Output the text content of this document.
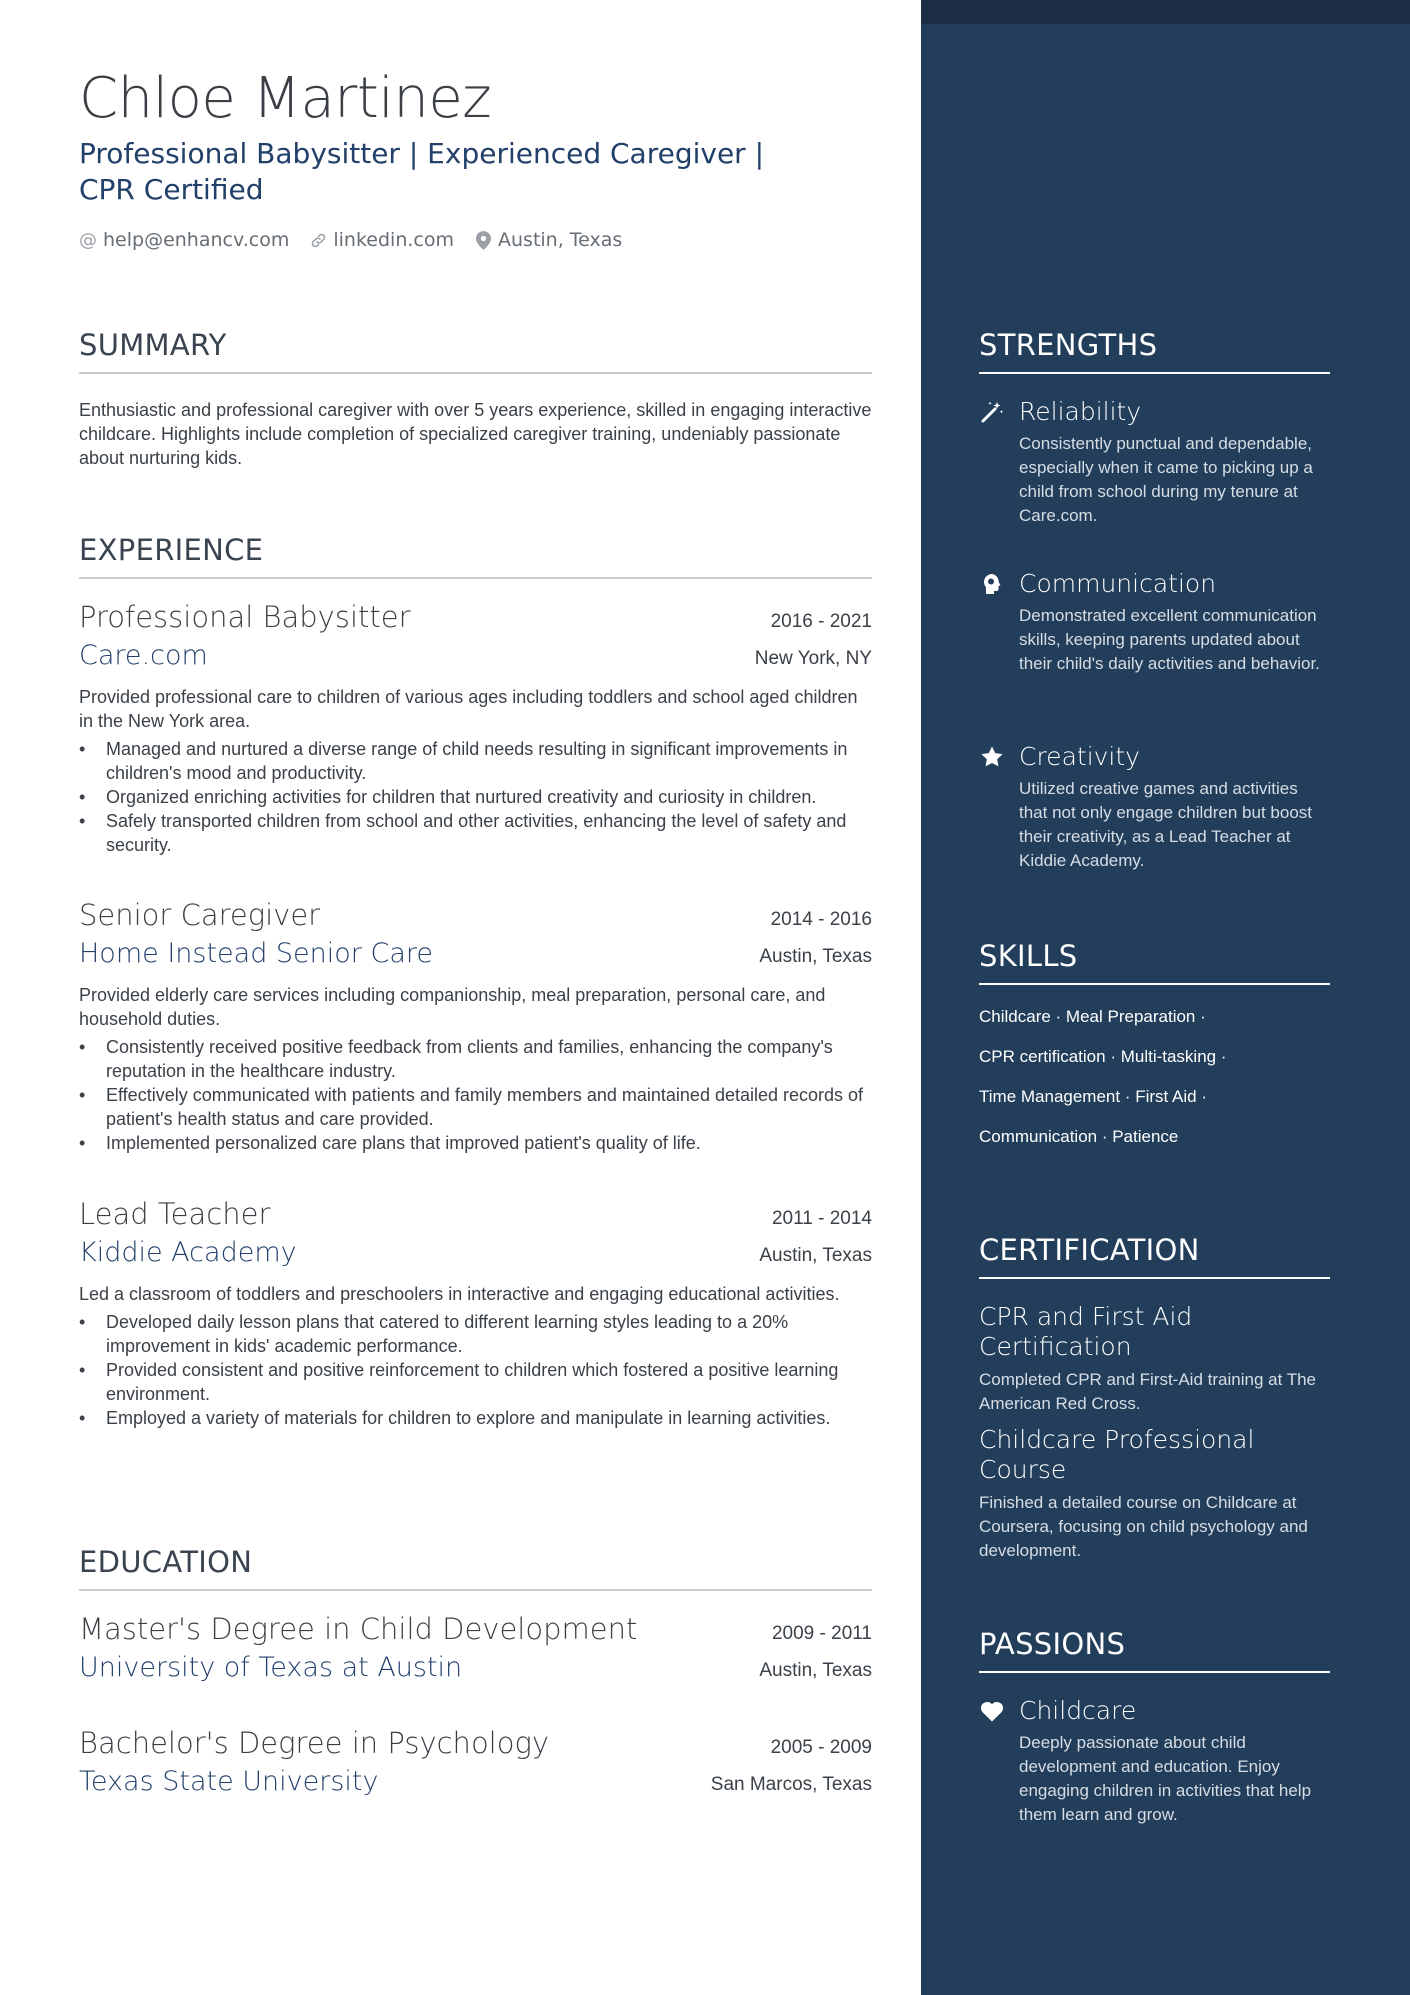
Chloe Martinez
Professional Babysitter | Experienced Caregiver | CPR Certified
@ help@enhancv.com linkedin.com Austin, Texas
SUMMARY
Enthusiastic and professional caregiver with over 5 years experience, skilled in engaging interactive childcare. Highlights include completion of specialized caregiver training, undeniably passionate about nurturing kids.
EXPERIENCE
Professional Babysitter	2016 - 2021
Care.com	New York, NY
Provided professional care to children of various ages including toddlers and school aged children in the New York area.
• Managed and nurtured a diverse range of child needs resulting in significant improvements in children's mood and productivity.
• Organized enriching activities for children that nurtured creativity and curiosity in children.
• Safely transported children from school and other activities, enhancing the level of safety and security.
Senior Caregiver	2014 - 2016
Home Instead Senior Care	Austin, Texas
Provided elderly care services including companionship, meal preparation, personal care, and household duties.
• Consistently received positive feedback from clients and families, enhancing the company's reputation in the healthcare industry.
• Effectively communicated with patients and family members and maintained detailed records of patient's health status and care provided.
• Implemented personalized care plans that improved patient's quality of life.
Lead Teacher	2011 - 2014
Kiddie Academy	Austin, Texas
Led a classroom of toddlers and preschoolers in interactive and engaging educational activities.
• Developed daily lesson plans that catered to different learning styles leading to a 20% improvement in kids' academic performance.
• Provided consistent and positive reinforcement to children which fostered a positive learning environment.
• Employed a variety of materials for children to explore and manipulate in learning activities.
EDUCATION
Master's Degree in Child Development	2009 - 2011
University of Texas at Austin	Austin, Texas
Bachelor's Degree in Psychology	2005 - 2009
Texas State University	San Marcos, Texas
STRENGTHS
Reliability
Consistently punctual and dependable, especially when it came to picking up a child from school during my tenure at Care.com.
Communication
Demonstrated excellent communication skills, keeping parents updated about their child's daily activities and behavior.
Creativity
Utilized creative games and activities that not only engage children but boost their creativity, as a Lead Teacher at Kiddie Academy.
SKILLS
Childcare · Meal Preparation ·
CPR certification · Multi-tasking ·
Time Management · First Aid ·
Communication · Patience
CERTIFICATION
CPR and First Aid Certification
Completed CPR and First-Aid training at The American Red Cross.
Childcare Professional Course
Finished a detailed course on Childcare at Coursera, focusing on child psychology and development.
PASSIONS
Childcare
Deeply passionate about child development and education. Enjoy engaging children in activities that help them learn and grow.
